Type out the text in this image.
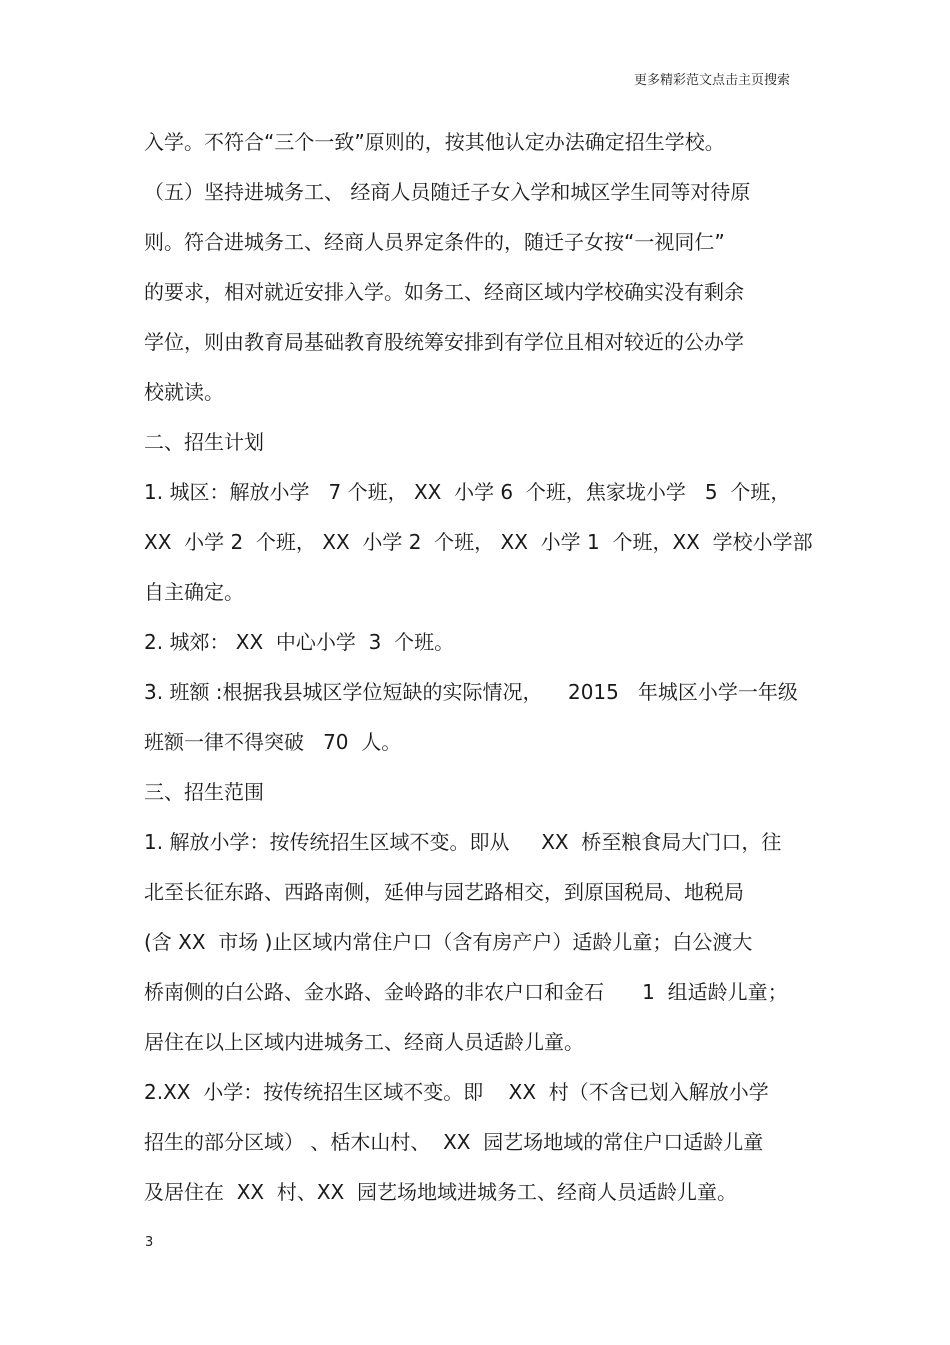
更多精彩范文点击主页搜索
入学。不符合“三个一致”原则的，按其他认定办法确定招生学校。
（五）坚持进城务工、 经商人员随迁子女入学和城区学生同等对待原
则。符合进城务工、经商人员界定条件的，随迁子女按“一视同仁”
的要求，相对就近安排入学。如务工、经商区域内学校确实没有剩余
学位，则由教育局基础教育股统筹安排到有学位且相对较近的公办学
校就读。
二、招生计划
1. 城区：解放小学   7 个班， XX  小学 6  个班，焦家垅小学   5  个班，
XX  小学 2  个班， XX  小学 2  个班， XX  小学 1  个班，XX  学校小学部
自主确定。
2. 城郊： XX  中心小学  3  个班。
3. 班额 :根据我县城区学位短缺的实际情况，    2015   年城区小学一年级
班额一律不得突破   70  人。
三、招生范围
1. 解放小学：按传统招生区域不变。即从     XX  桥至粮食局大门口，往
北至长征东路、西路南侧，延伸与园艺路相交，到原国税局、地税局
(含 XX  市场 )止区域内常住户口（含有房产户）适龄儿童；白公渡大
桥南侧的白公路、金水路、金岭路的非农户口和金石      1  组适龄儿童；
居住在以上区域内进城务工、经商人员适龄儿童。
2.XX  小学：按传统招生区域不变。即    XX  村（不含已划入解放小学
招生的部分区域） 、栝木山村、  XX  园艺场地域的常住户口适龄儿童
及居住在  XX  村、XX  园艺场地域进城务工、经商人员适龄儿童。
3
